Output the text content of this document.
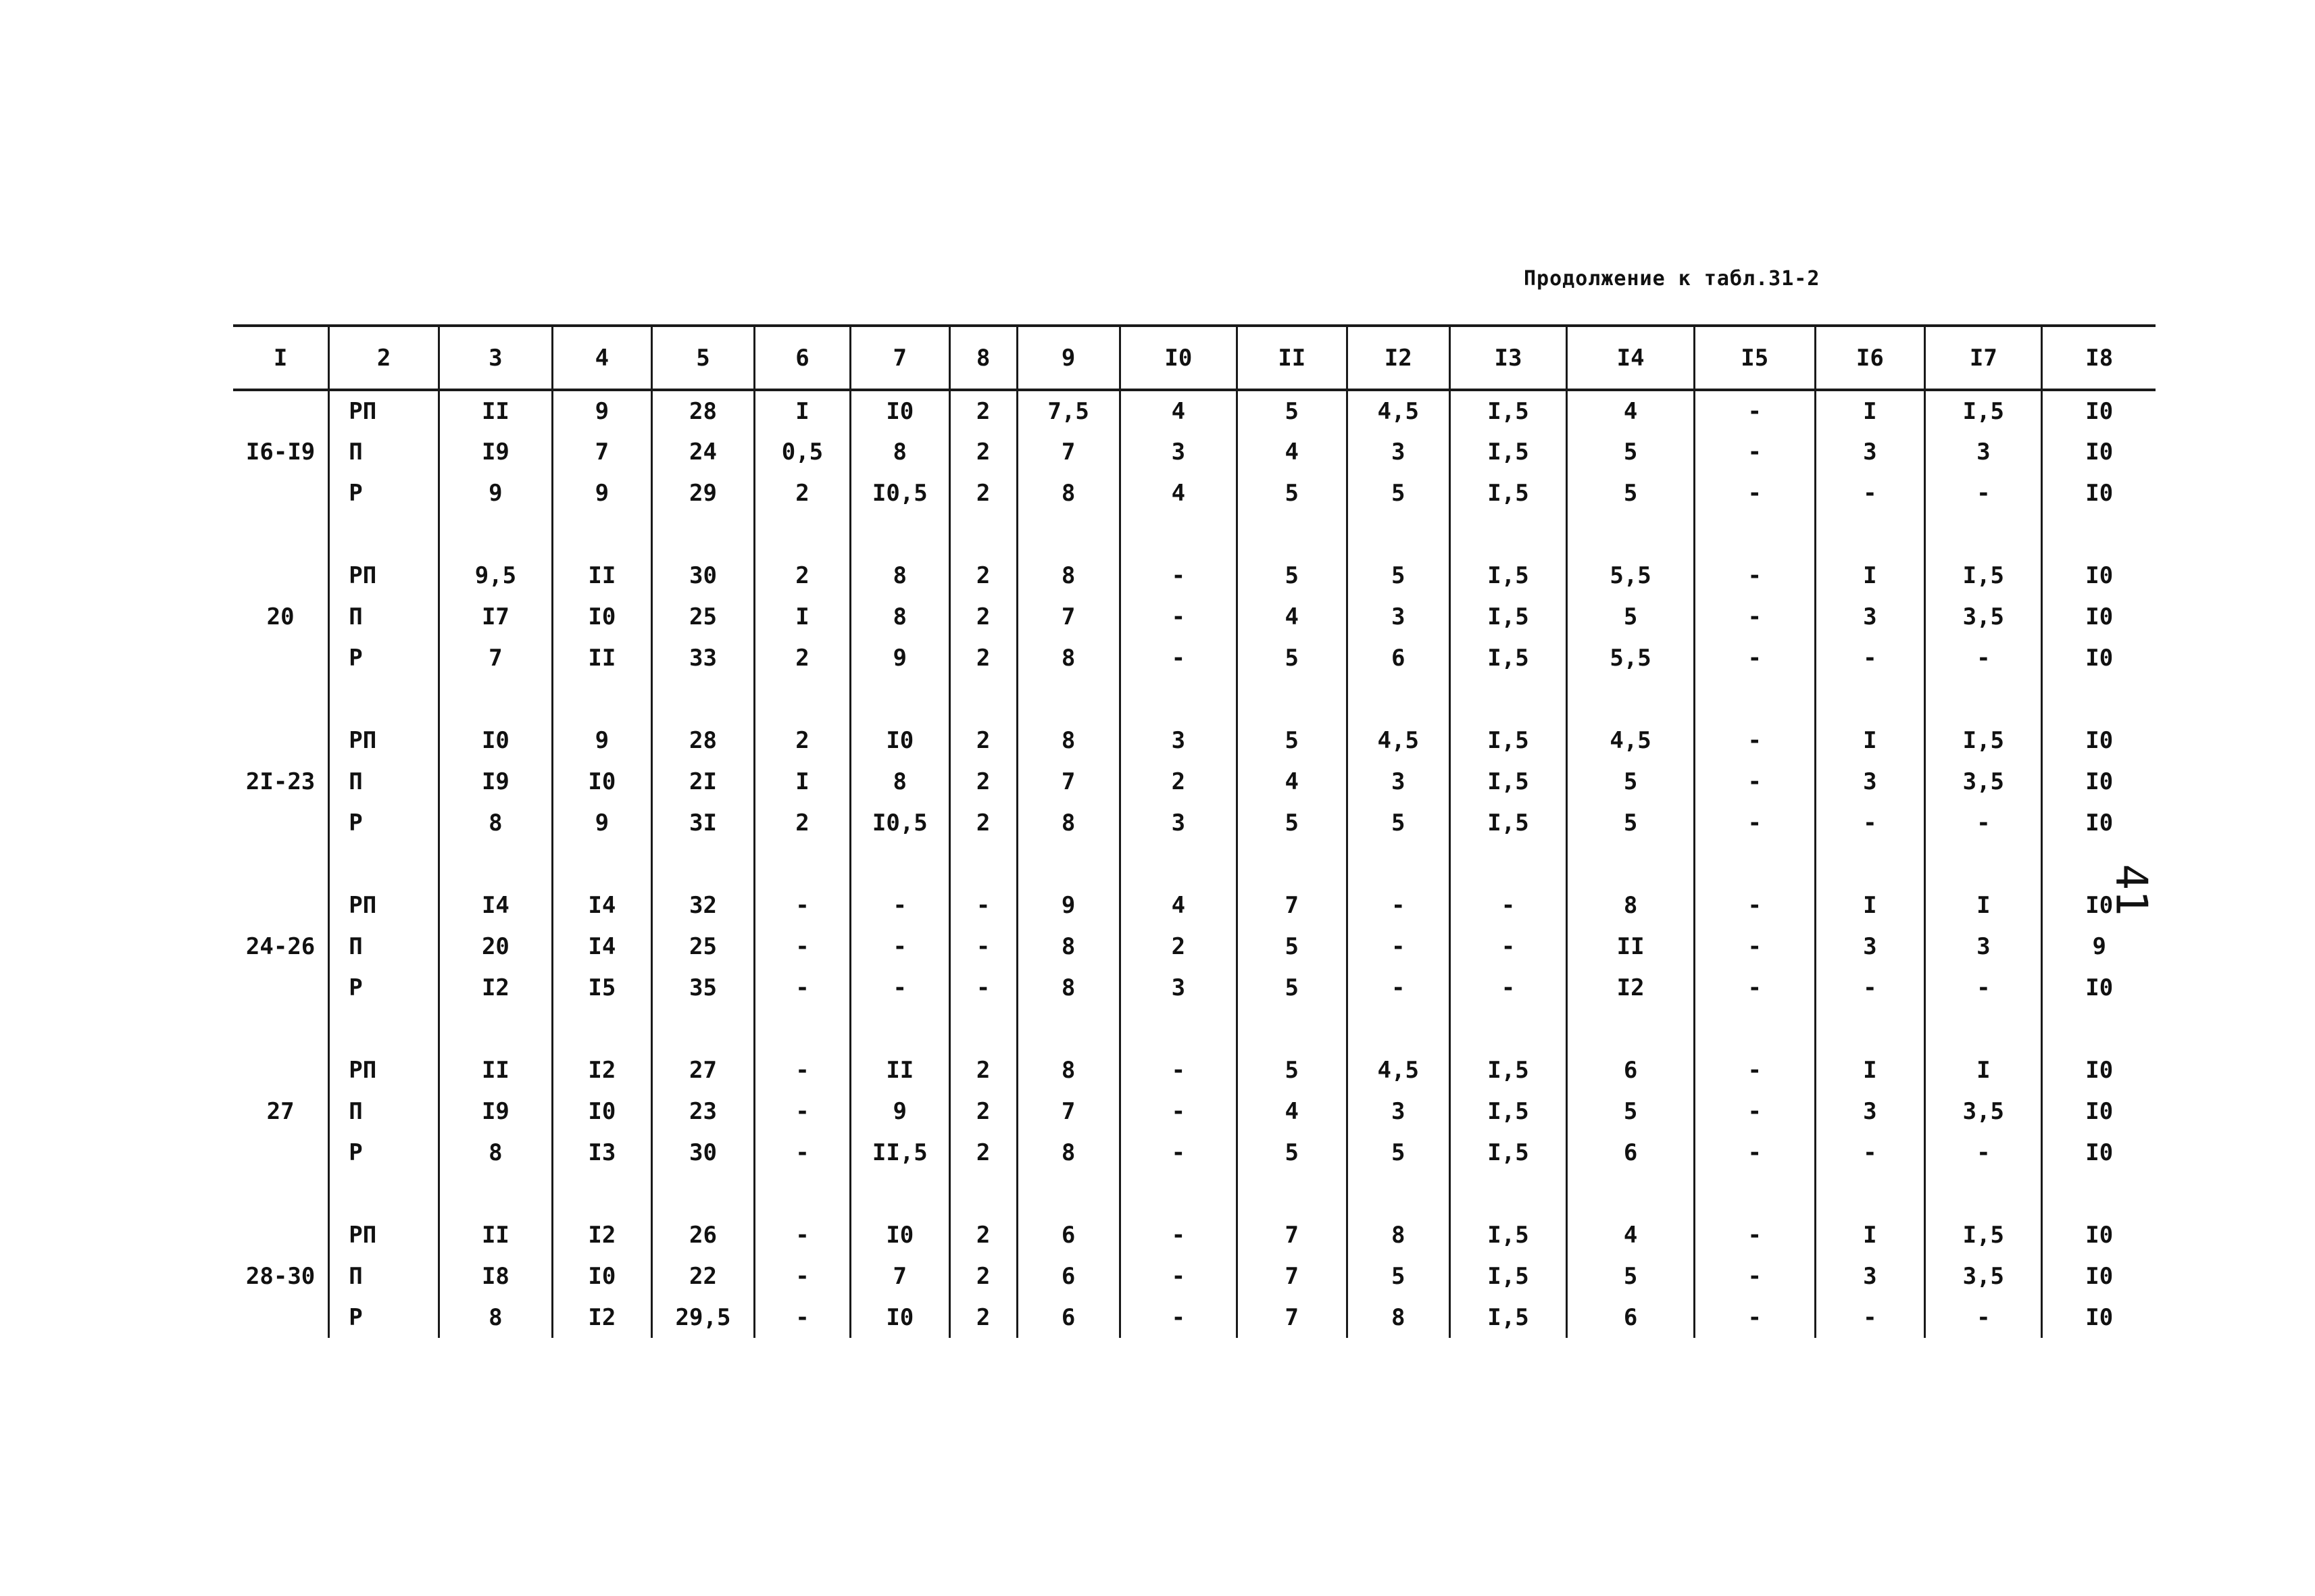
Продолжение к табл.31-2
41
I	2	3	4	5	6	7	8	9	I0	II	I2	I3	I4	I5	I6	I7	I8
	РП	II	9	28	I	I0	2	7,5	4	5	4,5	I,5	4	-	I	I,5	I0
I6-I9	П	I9	7	24	0,5	8	2	7	3	4	3	I,5	5	-	3	3	I0
	Р	9	9	29	2	I0,5	2	8	4	5	5	I,5	5	-	-	-	I0

	РП	9,5	II	30	2	8	2	8	-	5	5	I,5	5,5	-	I	I,5	I0
20	П	I7	I0	25	I	8	2	7	-	4	3	I,5	5	-	3	3,5	I0
	Р	7	II	33	2	9	2	8	-	5	6	I,5	5,5	-	-	-	I0

	РП	I0	9	28	2	I0	2	8	3	5	4,5	I,5	4,5	-	I	I,5	I0
2I-23	П	I9	I0	2I	I	8	2	7	2	4	3	I,5	5	-	3	3,5	I0
	Р	8	9	3I	2	I0,5	2	8	3	5	5	I,5	5	-	-	-	I0

	РП	I4	I4	32	-	-	-	9	4	7	-	-	8	-	I	I	I0
24-26	П	20	I4	25	-	-	-	8	2	5	-	-	II	-	3	3	9
	Р	I2	I5	35	-	-	-	8	3	5	-	-	I2	-	-	-	I0

	РП	II	I2	27	-	II	2	8	-	5	4,5	I,5	6	-	I	I	I0
27	П	I9	I0	23	-	9	2	7	-	4	3	I,5	5	-	3	3,5	I0
	Р	8	I3	30	-	II,5	2	8	-	5	5	I,5	6	-	-	-	I0

	РП	II	I2	26	-	I0	2	6	-	7	8	I,5	4	-	I	I,5	I0
28-30	П	I8	I0	22	-	7	2	6	-	7	5	I,5	5	-	3	3,5	I0
	Р	8	I2	29,5	-	I0	2	6	-	7	8	I,5	6	-	-	-	I0
